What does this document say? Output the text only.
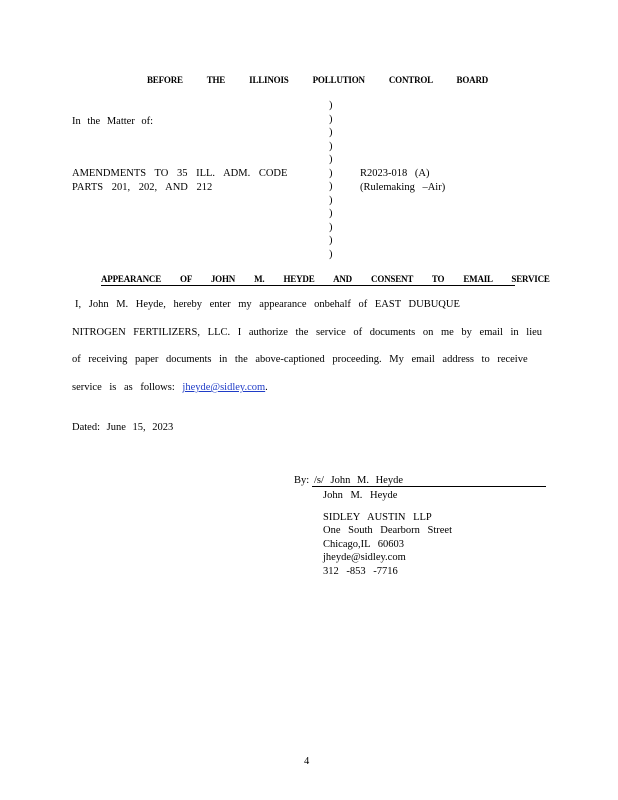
BEFORE THE ILLINOIS POLLUTION CONTROL BOARD
)
)
)
)
)
)
)
)
)
)
)
)
In the Matter of:
AMENDMENTS TO 35 ILL. ADM. CODE
PARTS 201, 202, AND 212
R2023-018 (A)
(Rulemaking –Air)
APPEARANCE OF JOHN M. HEYDE AND CONSENT TO EMAIL SERVICE
I, John M. Heyde, hereby enter my appearance onbehalf of EAST DUBUQUE
NITROGEN FERTILIZERS, LLC. I authorize the service of documents on me by email in lieu
of receiving paper documents in the above-captioned proceeding. My email address to receive
service is as follows: jheyde@sidley.com.
Dated: June 15, 2023
By: /s/ John M. Heyde
John M. Heyde
SIDLEY AUSTIN LLP
One South Dearborn Street
Chicago,IL 60603
jheyde@sidley.com
312 -853 -7716
4
